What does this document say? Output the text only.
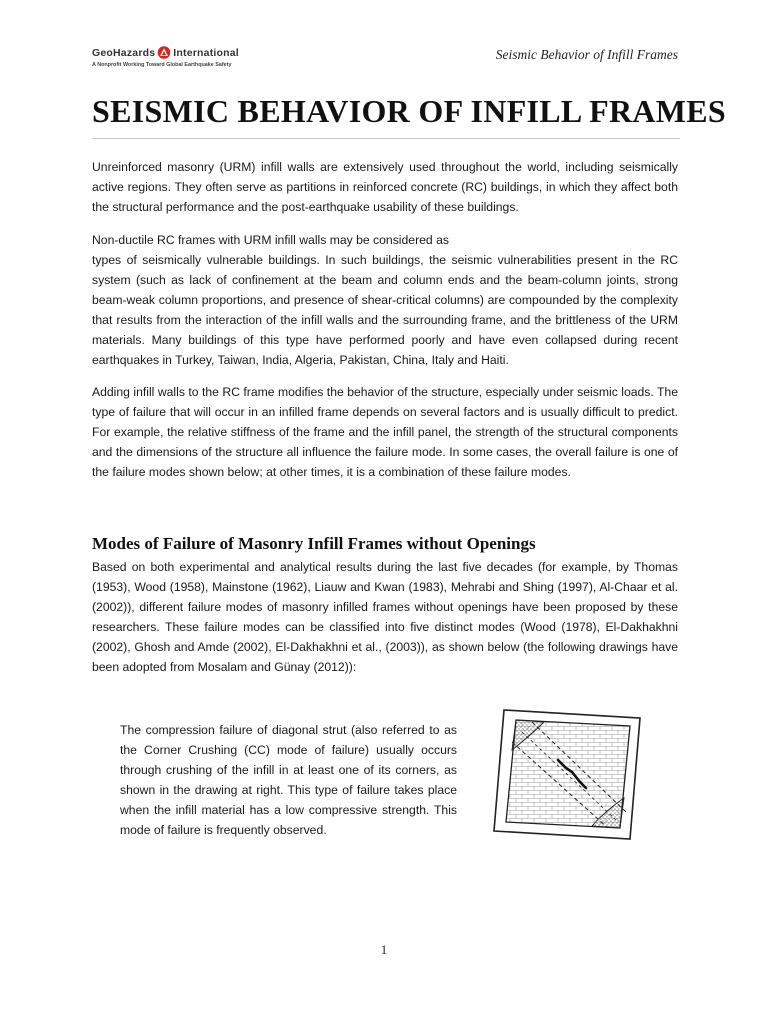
GeoHazards International
A Nonprofit Working Toward Global Earthquake Safety
Seismic Behavior of Infill Frames
SEISMIC BEHAVIOR OF INFILL FRAMES

Unreinforced masonry (URM) infill walls are extensively used throughout the world, including seismically active regions. They often serve as partitions in reinforced concrete (RC) buildings, in which they affect both the structural performance and the post-earthquake usability of these buildings.

Non-ductile RC frames with URM infill walls may be considered as

types of seismically vulnerable buildings. In such buildings, the seismic vulnerabilities present in the RC system (such as lack of confinement at the beam and column ends and the beam-column joints, strong beam-weak column proportions, and presence of shear-critical columns) are compounded by the complexity that results from the interaction of the infill walls and the surrounding frame, and the brittleness of the URM materials. Many buildings of this type have performed poorly and have even collapsed during recent earthquakes in Turkey, Taiwan, India, Algeria, Pakistan, China, Italy and Haiti.

Adding infill walls to the RC frame modifies the behavior of the structure, especially under seismic loads. The type of failure that will occur in an infilled frame depends on several factors and is usually difficult to predict. For example, the relative stiffness of the frame and the infill panel, the strength of the structural components and the dimensions of the structure all influence the failure mode. In some cases, the overall failure is one of the failure modes shown below; at other times, it is a combination of these failure modes.

Modes of Failure of Masonry Infill Frames without Openings

Based on both experimental and analytical results during the last five decades (for example, by Thomas (1953), Wood (1958), Mainstone (1962), Liauw and Kwan (1983), Mehrabi and Shing (1997), Al-Chaar et al. (2002)), different failure modes of masonry infilled frames without openings have been proposed by these researchers. These failure modes can be classified into five distinct modes (Wood (1978), El-Dakhakhni (2002), Ghosh and Amde (2002), El-Dakhakhni et al., (2003)), as shown below (the following drawings have been adopted from Mosalam and Günay (2012)):

The compression failure of diagonal strut (also referred to as the Corner Crushing (CC) mode of failure) usually occurs through crushing of the infill in at least one of its corners, as shown in the drawing at right. This type of failure takes place when the infill material has a low compressive strength. This mode of failure is frequently observed.

1
